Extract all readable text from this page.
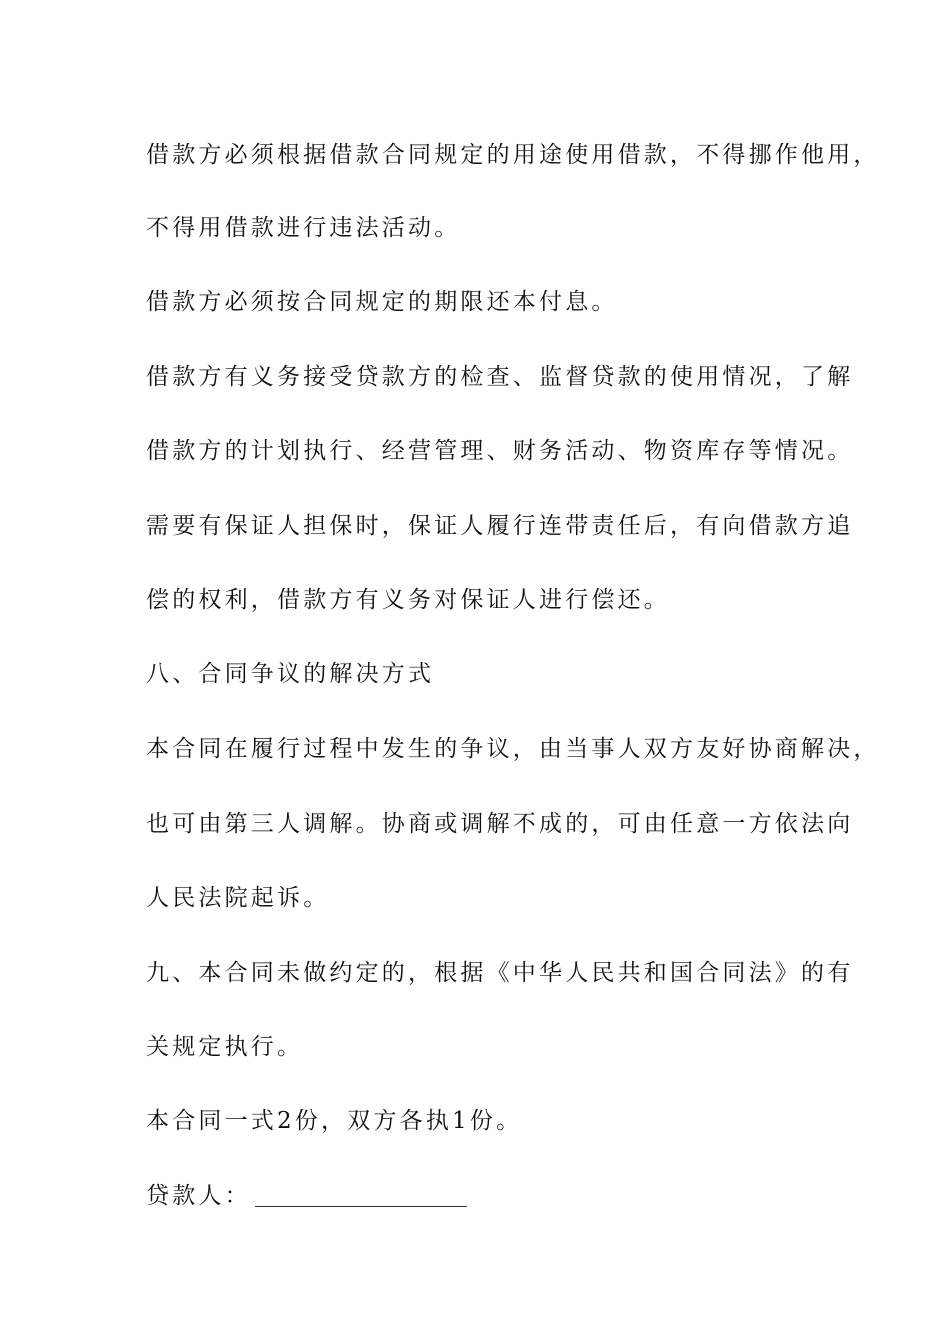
借款方必须根据借款合同规定的用途使用借款，不得挪作他用，
不得用借款进行违法活动。
借款方必须按合同规定的期限还本付息。
借款方有义务接受贷款方的检查、监督贷款的使用情况，了解
借款方的计划执行、经营管理、财务活动、物资库存等情况。
需要有保证人担保时，保证人履行连带责任后，有向借款方追
偿的权利，借款方有义务对保证人进行偿还。
八、合同争议的解决方式
本合同在履行过程中发生的争议，由当事人双方友好协商解决，
也可由第三人调解。协商或调解不成的，可由任意一方依法向
人民法院起诉。
九、本合同未做约定的，根据《中华人民共和国合同法》的有
关规定执行。
本合同一式2份，双方各执1份。
贷款人：
